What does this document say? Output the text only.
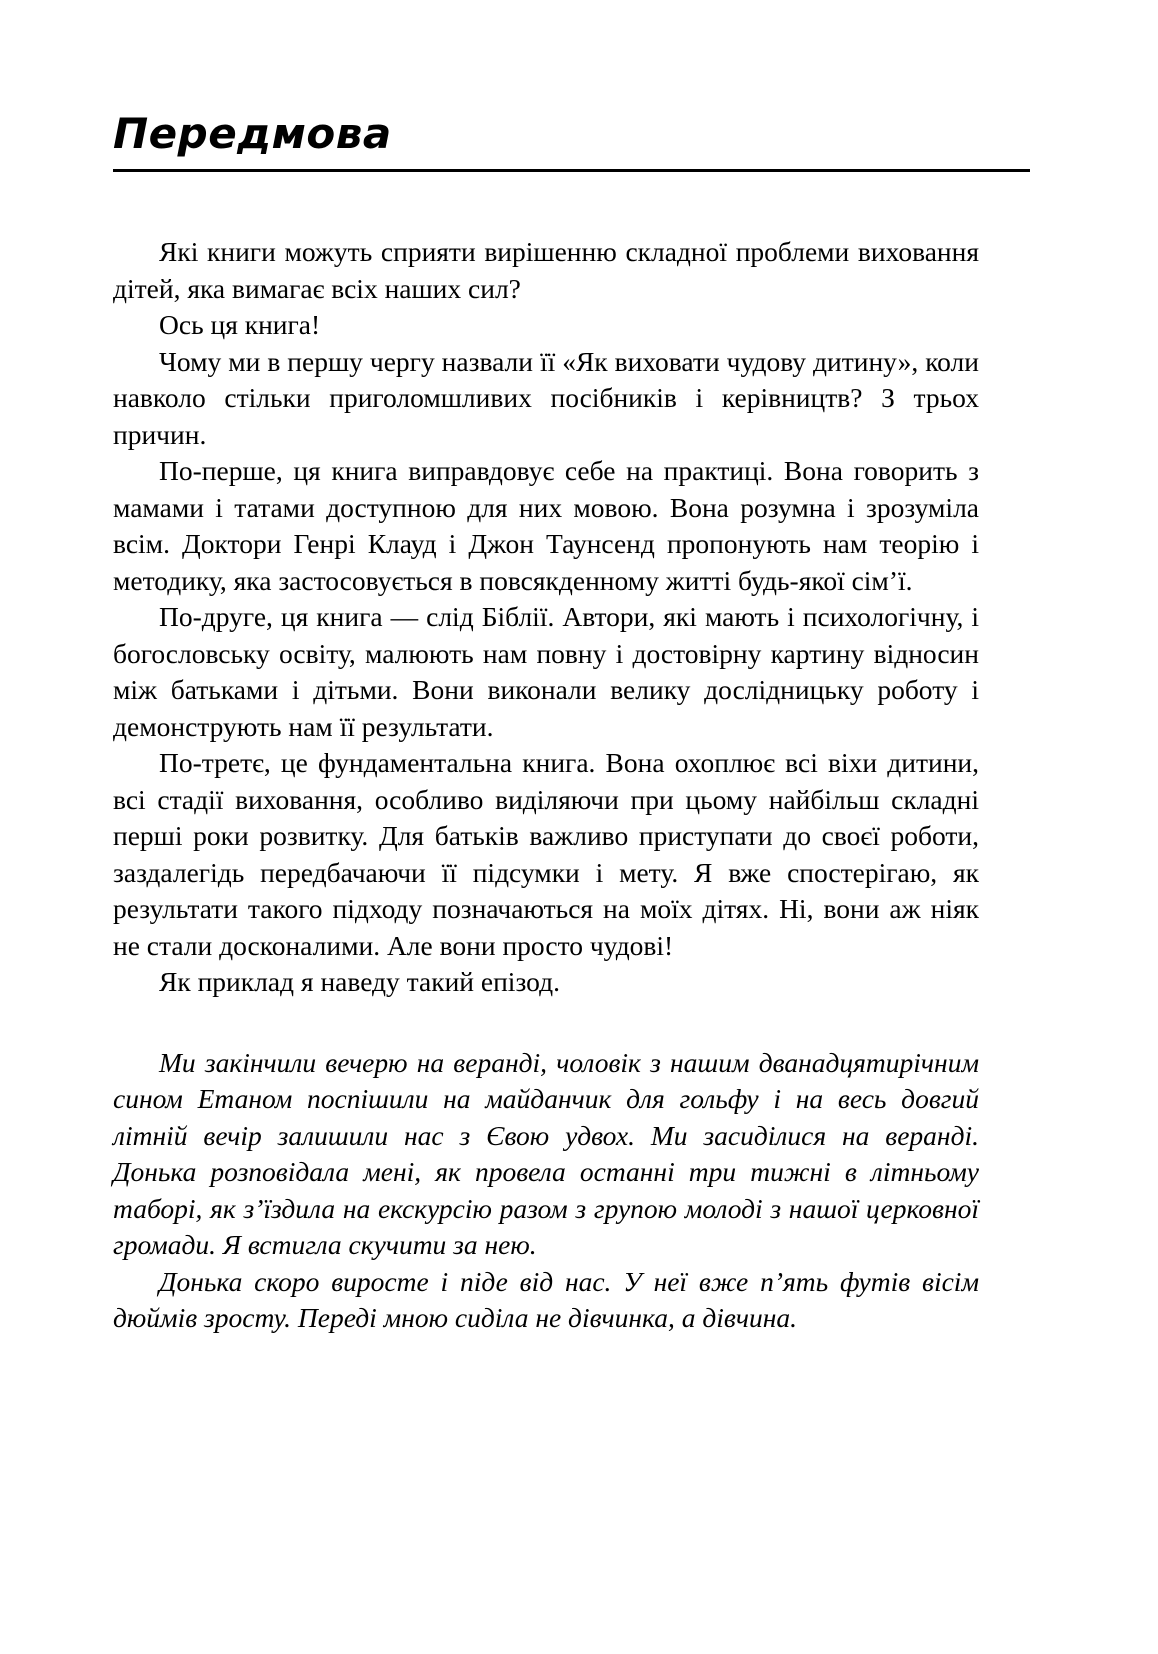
Передмова

Які книги можуть сприяти вирішенню складної проблеми виховання дітей, яка вимагає всіх наших сил?

Ось ця книга!

Чому ми в першу чергу назвали її «Як виховати чудову дитину», коли навколо стільки приголомшливих посібників і керівництв? З трьох причин.

По-перше, ця книга виправдовує себе на практиці. Вона говорить з мамами і татами доступною для них мовою. Вона розумна і зрозуміла всім. Доктори Генрі Клауд і Джон Таунсенд пропонують нам теорію і методику, яка застосовується в повсякденному житті будь-якої сім’ї.

По-друге, ця книга — слід Біблії. Автори, які мають і психологічну, і богословську освіту, малюють нам повну і достовірну картину відносин між батьками і дітьми. Вони виконали велику дослідницьку роботу і демонструють нам її результати.

По-третє, це фундаментальна книга. Вона охоплює всі віхи дитини, всі стадії виховання, особливо виділяючи при цьому найбільш складні перші роки розвитку. Для батьків важливо приступати до своєї роботи, заздалегідь передбачаючи її підсумки і мету. Я вже спостерігаю, як результати такого підходу позначаються на моїх дітях. Ні, вони аж ніяк не стали досконалими. Але вони просто чудові!

Як приклад я наведу такий епізод.

Ми закінчили вечерю на веранді, чоловік з нашим дванадцятирічним сином Етаном поспішили на майданчик для гольфу і на весь довгий літній вечір залишили нас з Євою удвох. Ми засиділися на веранді. Донька розповідала мені, як провела останні три тижні в літньому таборі, як з’їздила на екскурсію разом з групою молоді з нашої церковної громади. Я встигла скучити за нею.

Донька скоро виросте і піде від нас. У неї вже п’ять футів вісім дюймів зросту. Переді мною сиділа не дівчинка, а дівчина.
